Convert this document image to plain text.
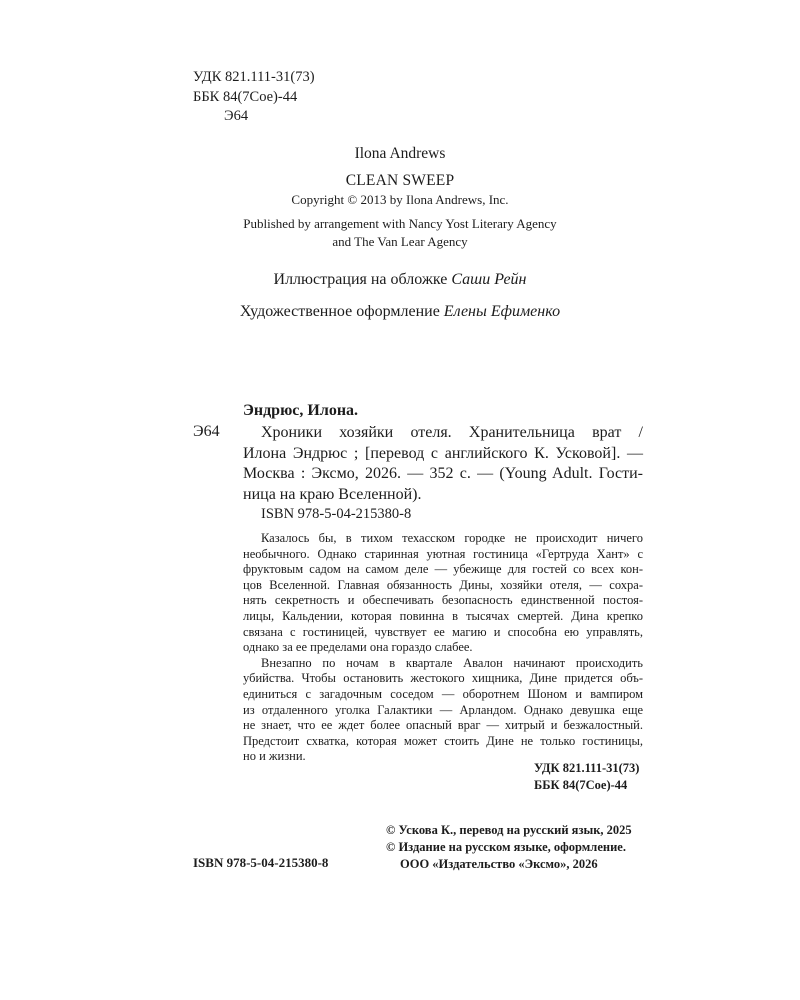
УДК 821.111-31(73)
ББК 84(7Сое)-44
Э64
Ilona Andrews
CLEAN SWEEP
Copyright © 2013 by Ilona Andrews, Inc.
Published by arrangement with Nancy Yost Literary Agency
and The Van Lear Agency
Иллюстрация на обложке Саши Рейн
Художественное оформление Елены Ефименко
Эндрюс, Илона.
Э64	Хроники хозяйки отеля. Хранительница врат /
Илона Эндрюс ; [перевод с английского К. Усковой]. —
Москва : Эксмо, 2026. — 352 с. — (Young Adult. Гости-
ница на краю Вселенной).
ISBN 978-5-04-215380-8
Казалось бы, в тихом техасском городке не происходит ничего
необычного. Однако старинная уютная гостиница «Гертруда Хант» с
фруктовым садом на самом деле — убежище для гостей со всех кон-
цов Вселенной. Главная обязанность Дины, хозяйки отеля, — сохра-
нять секретность и обеспечивать безопасность единственной постоя-
лицы, Кальдении, которая повинна в тысячах смертей. Дина крепко
связана с гостиницей, чувствует ее магию и способна ею управлять,
однако за ее пределами она гораздо слабее.
Внезапно по ночам в квартале Авалон начинают происходить
убийства. Чтобы остановить жестокого хищника, Дине придется объ-
единиться с загадочным соседом — оборотнем Шоном и вампиром
из отдаленного уголка Галактики — Арландом. Однако девушка еще
не знает, что ее ждет более опасный враг — хитрый и безжалостный.
Предстоит схватка, которая может стоить Дине не только гостиницы,
но и жизни.
УДК 821.111-31(73)
ББК 84(7Сое)-44
© Ускова К., перевод на русский язык, 2025
© Издание на русском языке, оформление.
ООО «Издательство «Эксмо», 2026
ISBN 978-5-04-215380-8
